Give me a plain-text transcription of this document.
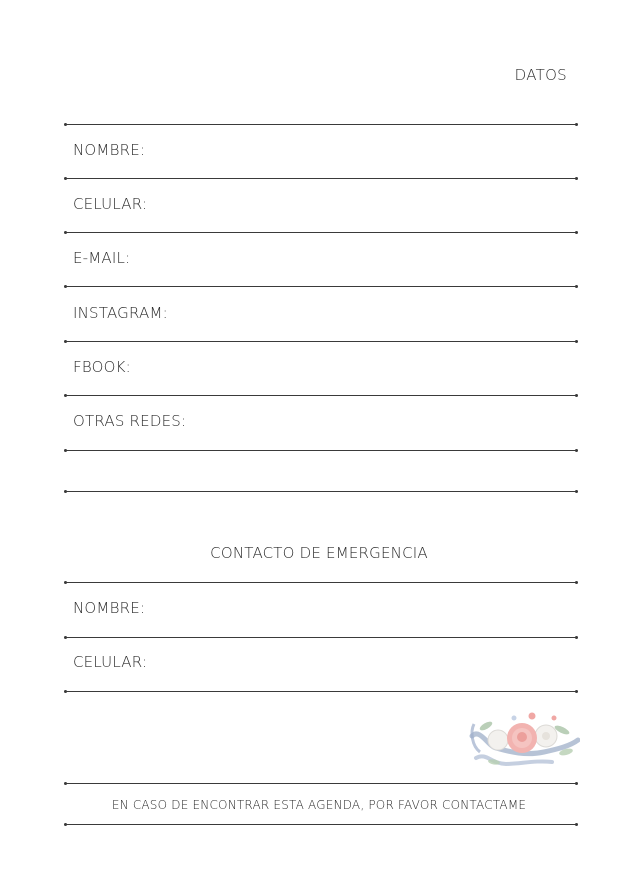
DATOS
NOMBRE:
CELULAR:
E-MAIL:
INSTAGRAM:
FBOOK:
OTRAS REDES:
CONTACTO DE EMERGENCIA
NOMBRE:
CELULAR:
EN CASO DE ENCONTRAR ESTA AGENDA, POR FAVOR CONTACTAME
